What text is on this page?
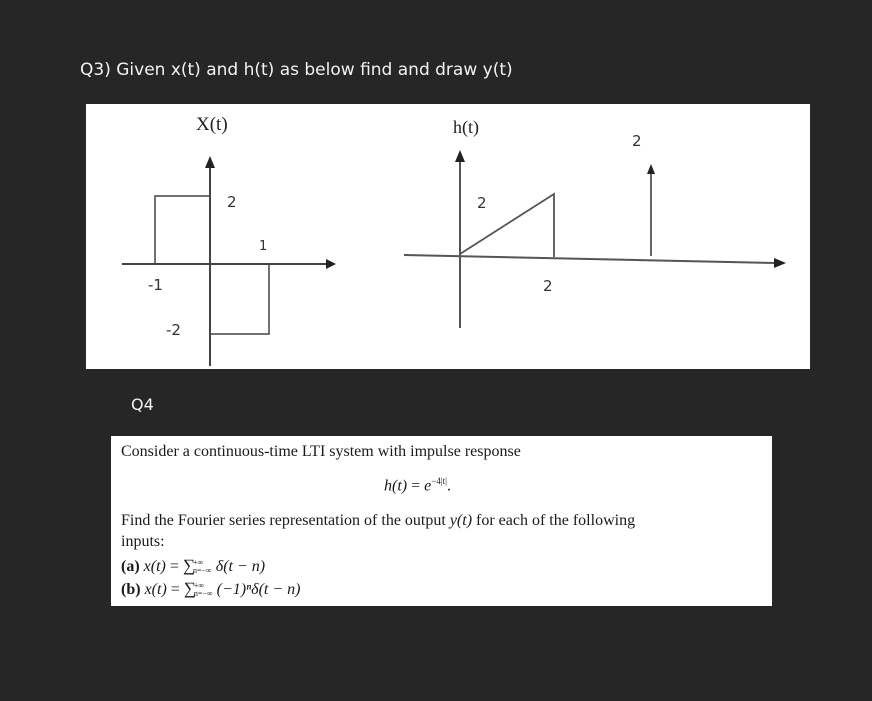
Q3) Given x(t) and h(t) as below find and draw y(t)
X(t)
2
-1
-2
1
h(t)
2
2
2
Q4
Consider a continuous-time LTI system with impulse response
$h(t) = e^{-4|t|}$.
Find the Fourier series representation of the output y(t) for each of the following
inputs:
(a) x(t) = ∑+∞
n=−∞ δ(t − n)
(b) x(t) = ∑+∞
n=−∞ (−1)ⁿδ(t − n)
